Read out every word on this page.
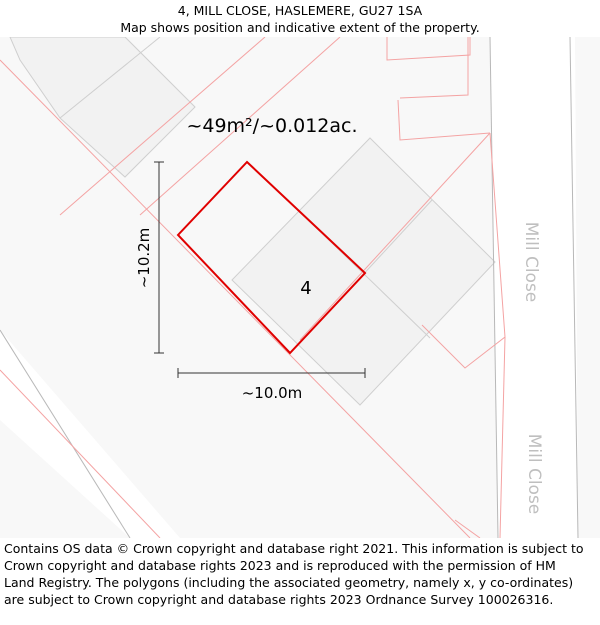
4, MILL CLOSE, HASLEMERE, GU27 1SA
Map shows position and indicative extent of the property.
~49m²/~0.012ac.
4
~10.2m
~10.0m
Mill Close
Mill Close
Contains OS data © Crown copyright and database right 2021. This information is subject to Crown copyright and database rights 2023 and is reproduced with the permission of HM Land Registry. The polygons (including the associated geometry, namely x, y co-ordinates) are subject to Crown copyright and database rights 2023 Ordnance Survey 100026316.
